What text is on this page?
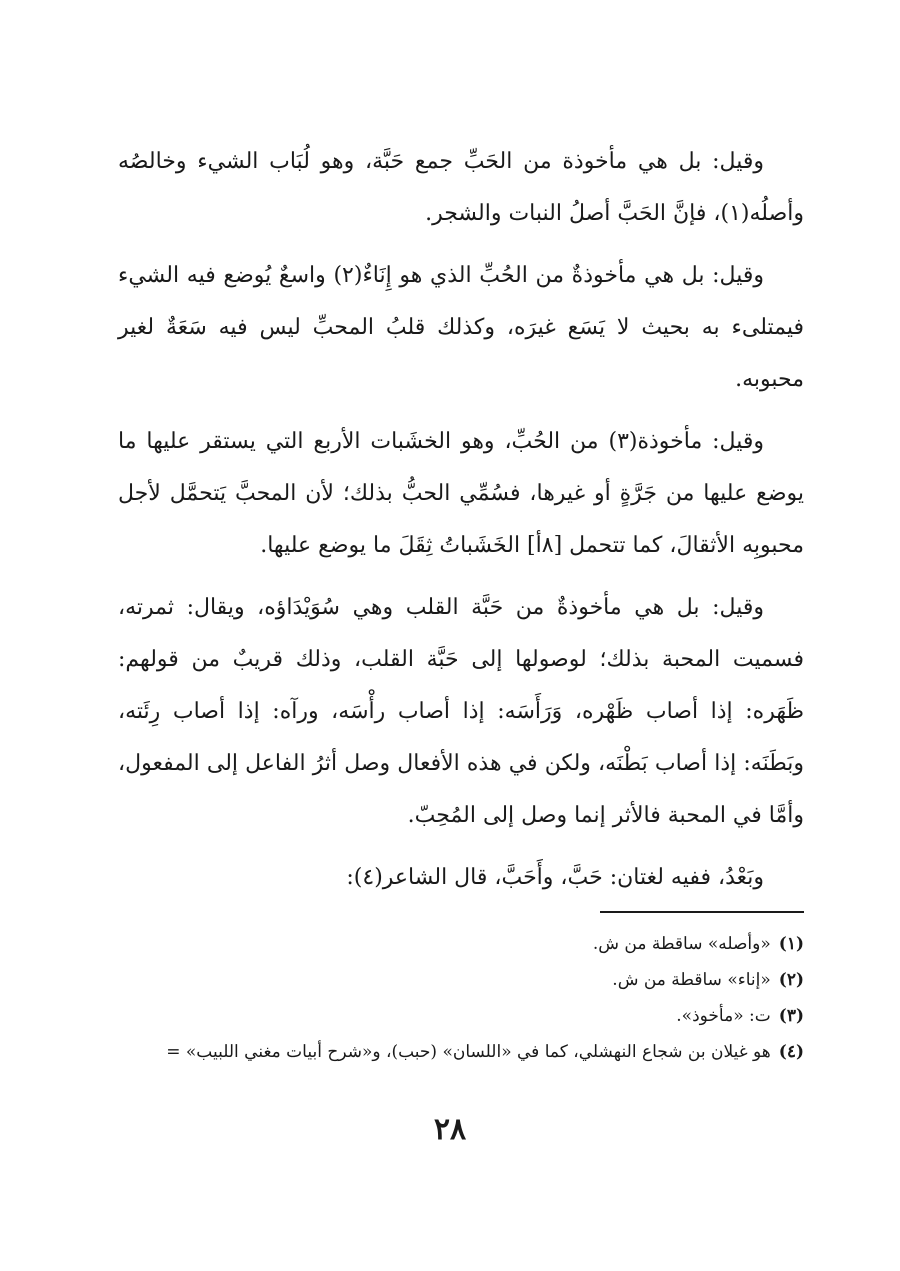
وقيل: بل هي مأخوذة من الحَبِّ جمع حَبَّة، وهو لُبَاب الشيء وخالصُه وأصلُه(١)، فإنَّ الحَبَّ أصلُ النبات والشجر.

وقيل: بل هي مأخوذةٌ من الحُبِّ الذي هو إِنَاءٌ(٢) واسعٌ يُوضع فيه الشيء فيمتلىء به بحيث لا يَسَع غيرَه، وكذلك قلبُ المحبِّ ليس فيه سَعَةٌ لغير محبوبه.

وقيل: مأخوذة(٣) من الحُبِّ، وهو الخشَبات الأربع التي يستقر عليها ما يوضع عليها من جَرَّةٍ أو غيرها، فسُمِّي الحبُّ بذلك؛ لأن المحبَّ يَتحمَّل لأجل محبوبِه الأثقالَ، كما تتحمل [٨أ] الخَشَباتُ ثِقَلَ ما يوضع عليها.

وقيل: بل هي مأخوذةٌ من حَبَّة القلب وهي سُوَيْدَاؤه، ويقال: ثمرته، فسميت المحبة بذلك؛ لوصولها إلى حَبَّة القلب، وذلك قريبٌ من قولهم: ظَهَره: إذا أصاب ظَهْره، وَرَأَسَه: إذا أصاب رأْسَه، ورآه: إذا أصاب رِئَته، وبَطَنَه: إذا أصاب بَطْنَه، ولكن في هذه الأفعال وصل أثرُ الفاعل إلى المفعول، وأمَّا في المحبة فالأثر إنما وصل إلى المُحِبّ.

وبَعْدُ، ففيه لغتان: حَبَّ، وأَحَبَّ، قال الشاعر(٤):

(١)«وأصله» ساقطة من ش.

(٢)«إناء» ساقطة من ش.

(٣)ت: «مأخوذ».

(٤)هو غيلان بن شجاع النهشلي، كما في «اللسان» (حبب)، و«شرح أبيات مغني اللبيب» =

٢٨
